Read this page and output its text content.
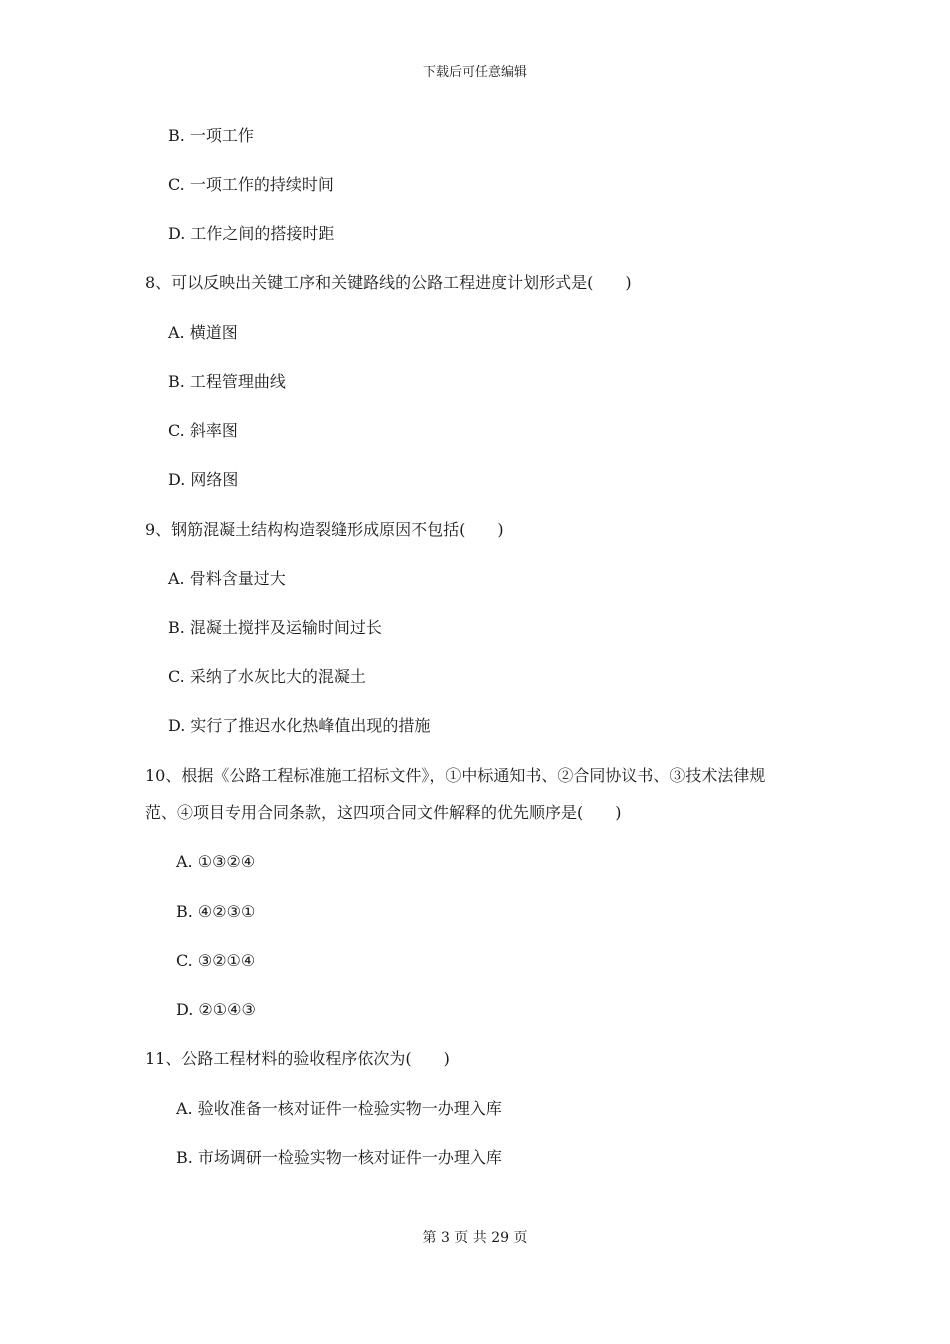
下载后可任意编辑
B. 一项工作
C. 一项工作的持续时间
D. 工作之间的搭接时距
8、可以反映出关键工序和关键路线的公路工程进度计划形式是(　　)
A. 横道图
B. 工程管理曲线
C. 斜率图
D. 网络图
9、钢筋混凝土结构构造裂缝形成原因不包括(　　)
A. 骨料含量过大
B. 混凝土搅拌及运输时间过长
C. 采纳了水灰比大的混凝土
D. 实行了推迟水化热峰值出现的措施
10、根据《公路工程标准施工招标文件》，①中标通知书、②合同协议书、③技术法律规
范、④项目专用合同条款，这四项合同文件解释的优先顺序是(　　)
A. ①③②④
B. ④②③①
C. ③②①④
D. ②①④③
11、公路工程材料的验收程序依次为(　　)
A. 验收准备一核对证件一检验实物一办理入库
B. 市场调研一检验实物一核对证件一办理入库
第 3 页 共 29 页
